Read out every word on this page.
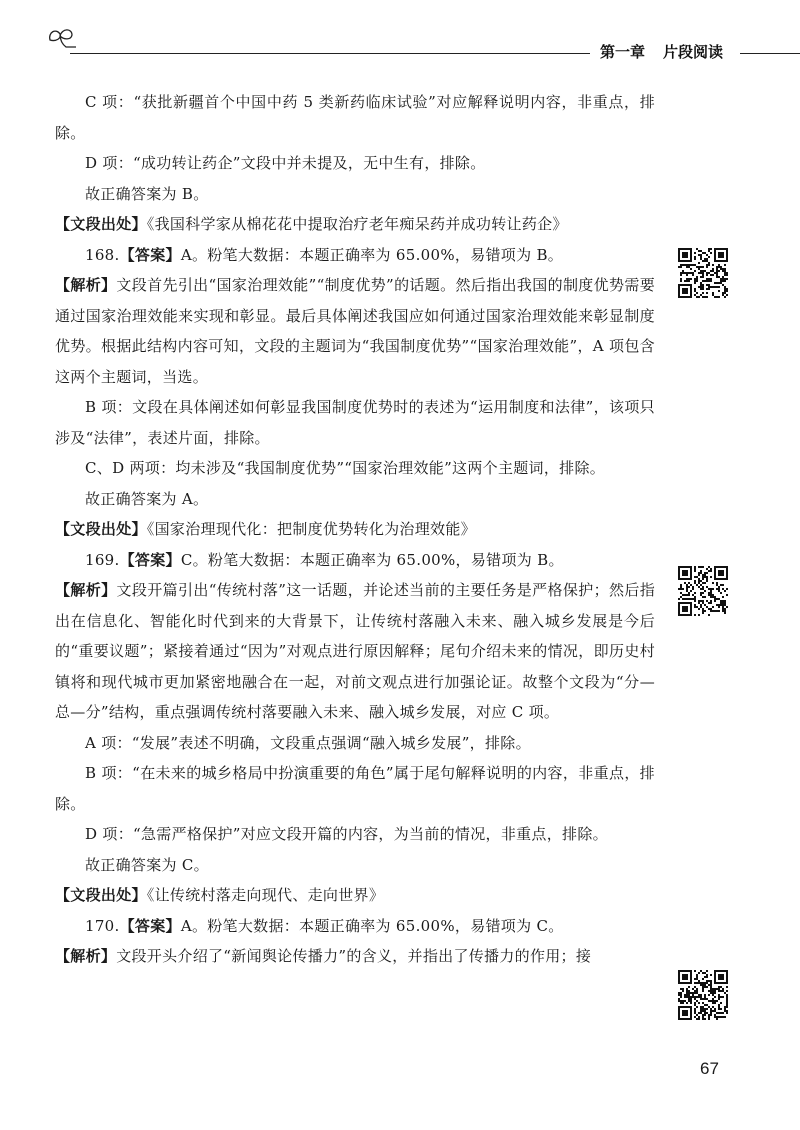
第一章 片段阅读

C 项：“获批新疆首个中国中药 5 类新药临床试验”对应解释说明内容，非重点，排除。

D 项：“成功转让药企”文段中并未提及，无中生有，排除。

故正确答案为 B。

【文段出处】《我国科学家从棉花花中提取治疗老年痴呆药并成功转让药企》

168.【答案】A。粉笔大数据：本题正确率为 65.00%，易错项为 B。

【解析】文段首先引出“国家治理效能”“制度优势”的话题。然后指出我国的制度优势需要通过国家治理效能来实现和彰显。最后具体阐述我国应如何通过国家治理效能来彰显制度优势。根据此结构内容可知，文段的主题词为“我国制度优势”“国家治理效能”，A 项包含这两个主题词，当选。

B 项：文段在具体阐述如何彰显我国制度优势时的表述为“运用制度和法律”，该项只涉及“法律”，表述片面，排除。

C、D 两项：均未涉及“我国制度优势”“国家治理效能”这两个主题词，排除。

故正确答案为 A。

【文段出处】《国家治理现代化：把制度优势转化为治理效能》

169.【答案】C。粉笔大数据：本题正确率为 65.00%，易错项为 B。

【解析】文段开篇引出“传统村落”这一话题，并论述当前的主要任务是严格保护；然后指出在信息化、智能化时代到来的大背景下，让传统村落融入未来、融入城乡发展是今后的“重要议题”；紧接着通过“因为”对观点进行原因解释；尾句介绍未来的情况，即历史村镇将和现代城市更加紧密地融合在一起，对前文观点进行加强论证。故整个文段为“分—总—分”结构，重点强调传统村落要融入未来、融入城乡发展，对应 C 项。

A 项：“发展”表述不明确，文段重点强调“融入城乡发展”，排除。

B 项：“在未来的城乡格局中扮演重要的角色”属于尾句解释说明的内容，非重点，排除。

D 项：“急需严格保护”对应文段开篇的内容，为当前的情况，非重点，排除。

故正确答案为 C。

【文段出处】《让传统村落走向现代、走向世界》

170.【答案】A。粉笔大数据：本题正确率为 65.00%，易错项为 C。

【解析】文段开头介绍了“新闻舆论传播力”的含义，并指出了传播力的作用；接

67
